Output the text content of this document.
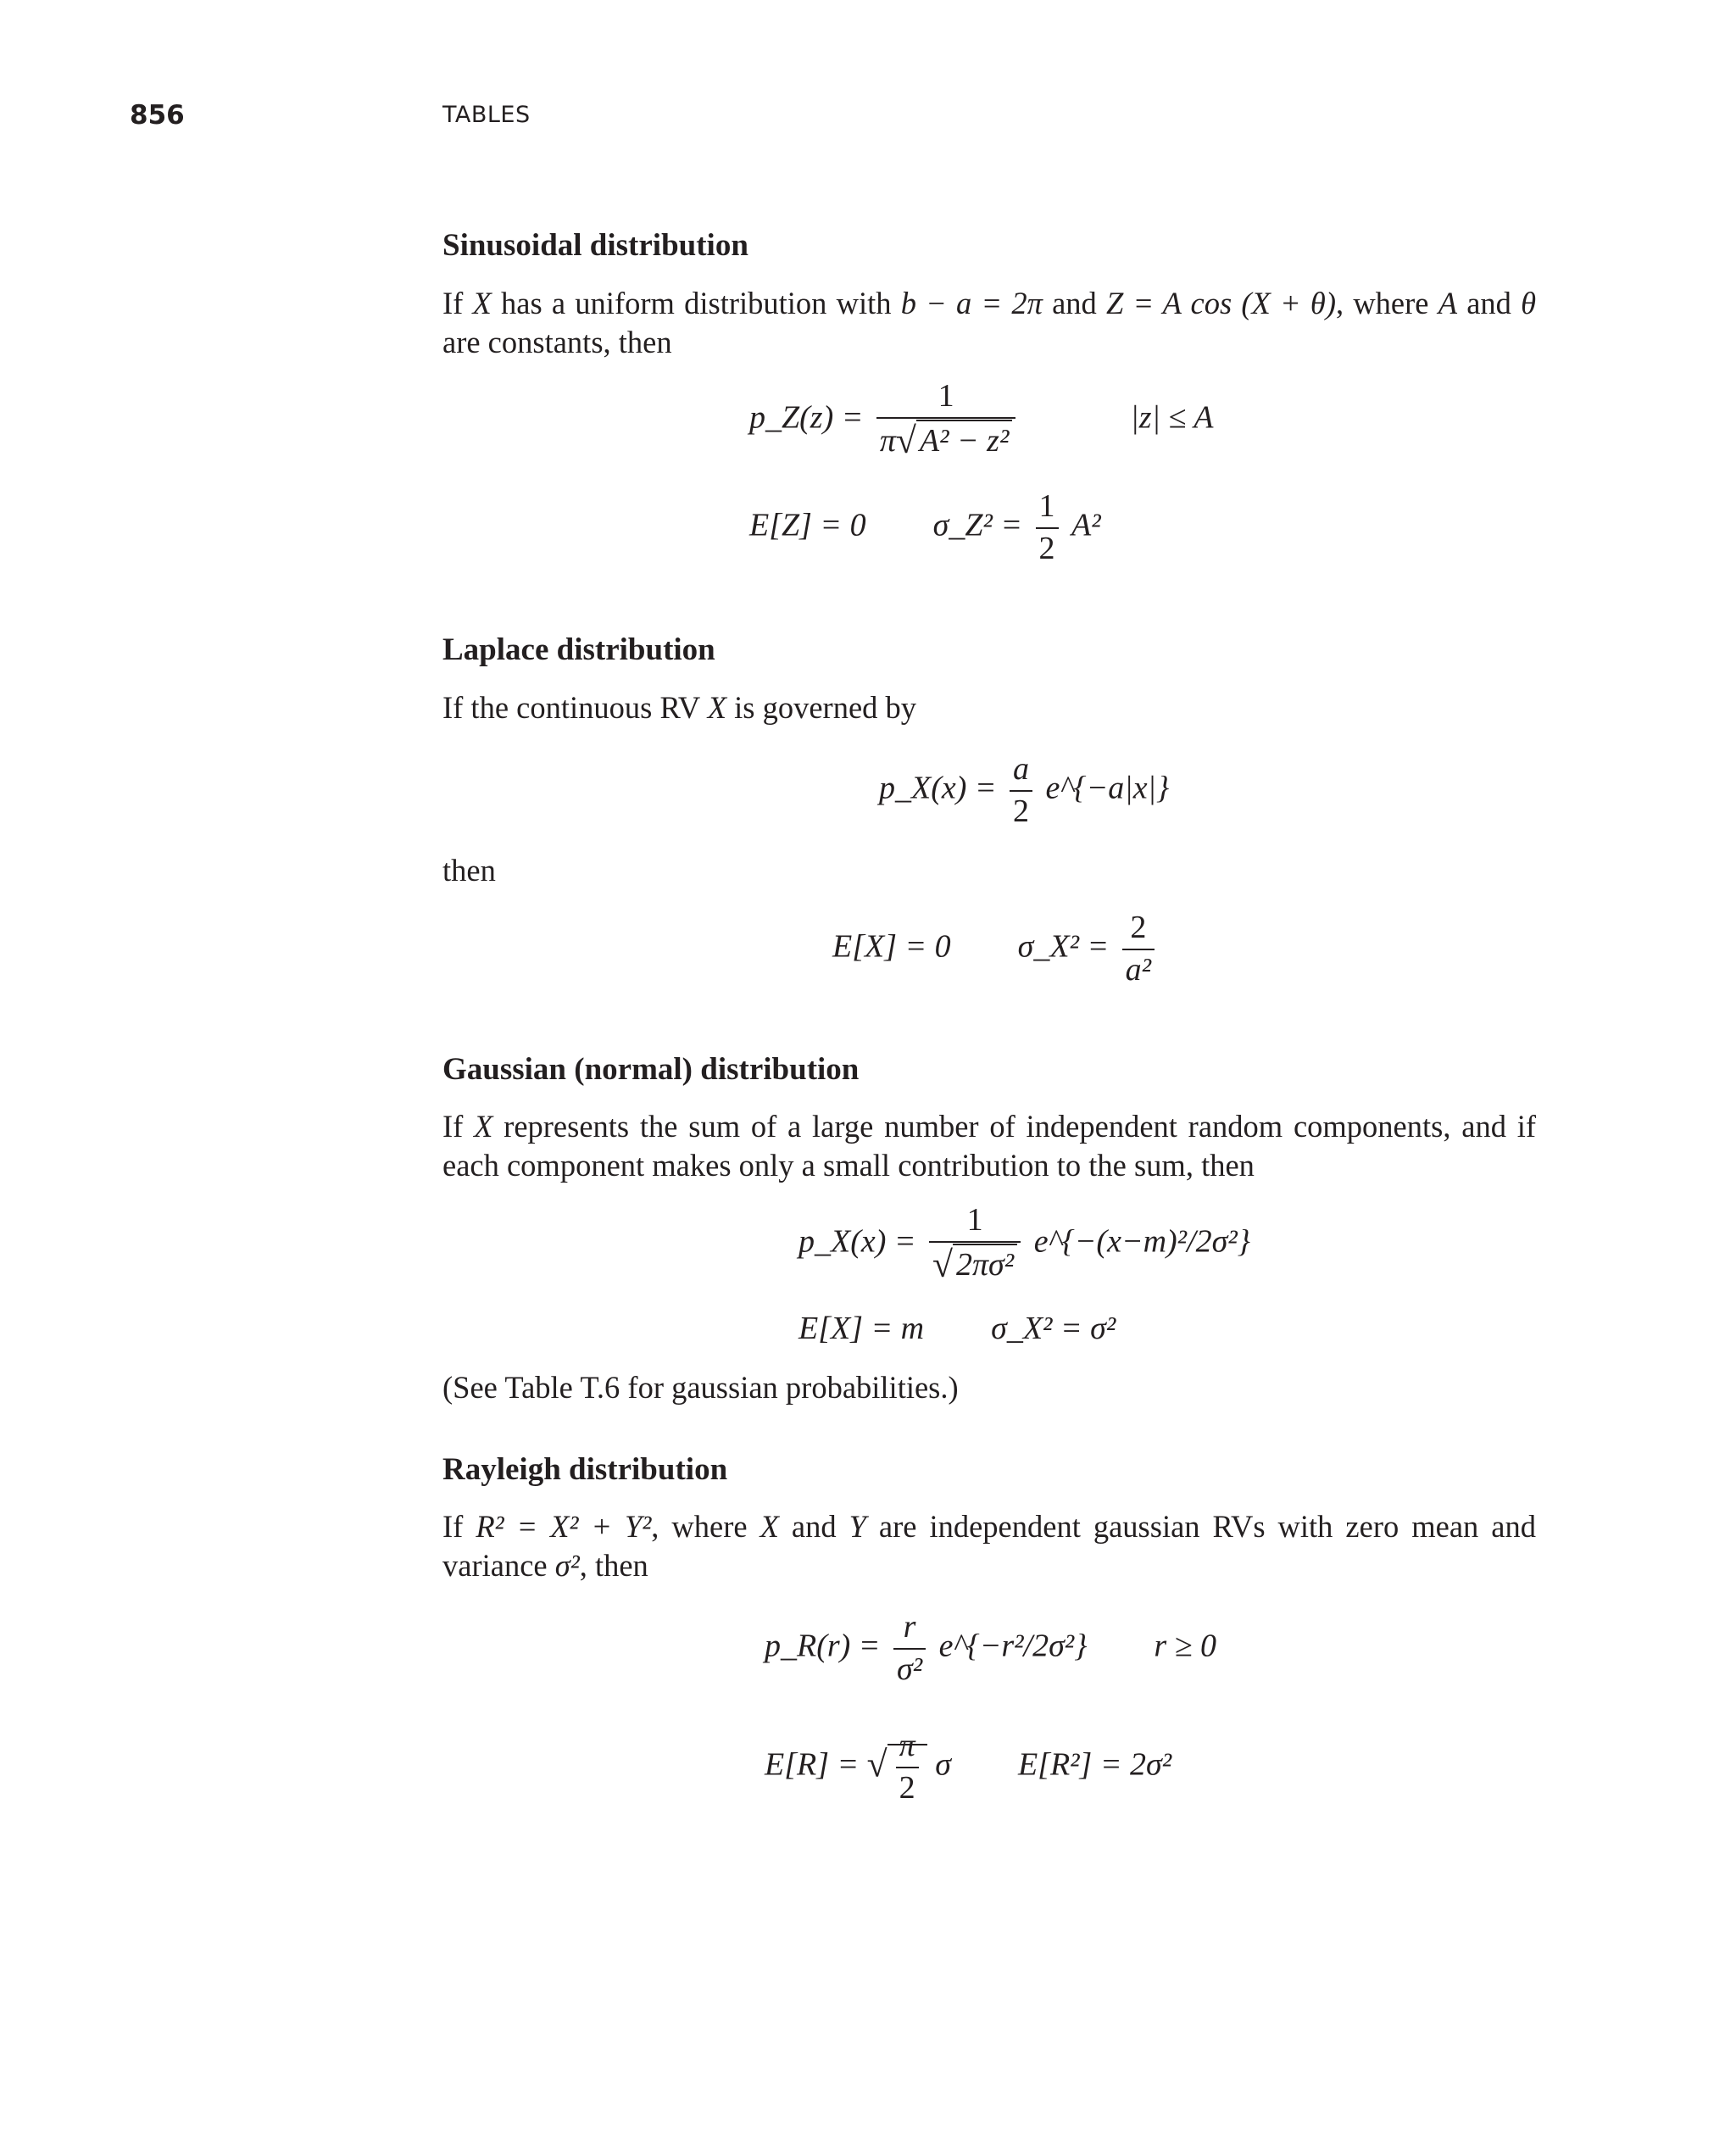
856	TABLES
Sinusoidal distribution
If X has a uniform distribution with b − a = 2π and Z = A cos (X + θ), where A and θ are constants, then
p_Z(z) = $\frac{1}{\text{π√ A² − z²}}$	|z| ≤ A
E[Z] = 0 σ_Z² = $\frac{1}{2} A^2$
Laplace distribution
If the continuous RV X is governed by
p_X(x) = $\frac{a}{2}$ e^{−a|x|}
then
E[X] = 0 σ_X² = $\frac{2}{\text{a²}}$
Gaussian (normal) distribution
If X represents the sum of a large number of independent random components, and if each component makes only a small contribution to the sum, then
p_X(x) = $\frac{1}{\text{√ 2πσ²}}$ e^{−(x−m)²/2σ²}
E[X] = m σ_X² = σ²
(See Table T.6 for gaussian probabilities.)
Rayleigh distribution
If R² = X² + Y², where X and Y are independent gaussian RVs with zero mean and variance σ², then
p_R(r) = $\frac{r}{\text{σ²}}$ e^{−r²/2σ²} r ≥ 0
E[R] = √ $\frac{\pi}{2}$ σ E[R²] = 2σ²
